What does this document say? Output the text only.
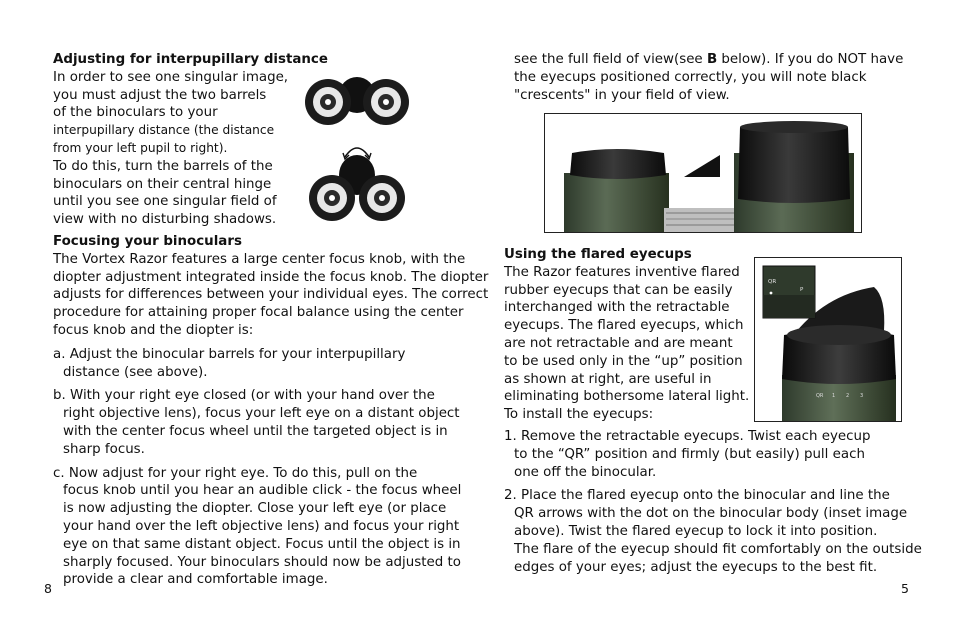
Adjusting for interpupillary distance
In order to see one singular image,
you must adjust the two barrels
of the binoculars to your
interpupillary distance (the distance
from your left pupil to right).
To do this, turn the barrels of the
binoculars on their central hinge
until you see one singular field of
view with no disturbing shadows.
Focusing your binoculars
The Vortex Razor features a large center focus knob, with the
diopter adjustment integrated inside the focus knob. The diopter
adjusts for differences between your individual eyes. The correct
procedure for attaining proper focal balance using the center
focus knob and the diopter is:
a. Adjust the binocular barrels for your interpupillary
distance (see above).
b. With your right eye closed (or with your hand over the
right objective lens), focus your left eye on a distant object
with the center focus wheel until the targeted object is in
sharp focus.
c. Now adjust for your right eye. To do this, pull on the
focus knob until you hear an audible click - the focus wheel
is now adjusting the diopter. Close your left eye (or place
your hand over the left objective lens) and focus your right
eye on that same distant object. Focus until the object is in
sharply focused. Your binoculars should now be adjusted to
provide a clear and comfortable image.
8
see the full field of view(see B below). If you do NOT have
the eyecups positioned correctly, you will note black
"crescents" in your field of view.
Using the flared eyecups
The Razor features inventive flared
rubber eyecups that can be easily
interchanged with the retractable
eyecups. The flared eyecups, which
are not retractable and are meant
to be used only in the “up” position
as shown at right, are useful in
eliminating bothersome lateral light.
To install the eyecups:
QR 1 2 3
QR
P
1. Remove the retractable eyecups. Twist each eyecup
to the “QR” position and firmly (but easily) pull each
one off the binocular.
2. Place the flared eyecup onto the binocular and line the
QR arrows with the dot on the binocular body (inset image
above). Twist the flared eyecup to lock it into position.
The flare of the eyecup should fit comfortably on the outside
edges of your eyes; adjust the eyecups to the best fit.
5
